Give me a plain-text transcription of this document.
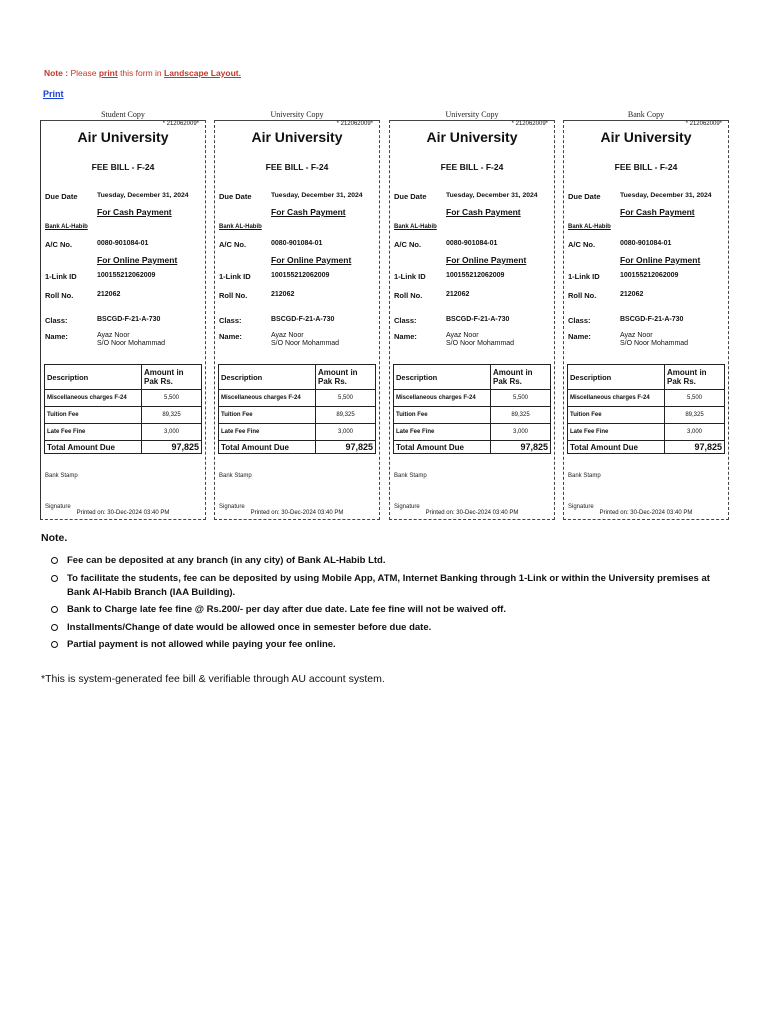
Note : Please print this form in Landscape Layout.
Print
Student Copy
* 212062009*
Air University
FEE BILL - F-24
Due Date	Tuesday, December 31, 2024
For Cash Payment
Bank AL-Habib
A/C No.	0080-901084-01
For Online Payment
1-Link ID	100155212062009
Roll No.	212062
Class:	BSCGD-F-21-A-730
Name:	Ayaz Noor
S/O Noor Mohammad
Description	Amount in Pak Rs.
Miscellaneous charges F-24	5,500
Tuition Fee	89,325
Late Fee Fine	3,000
Total Amount Due	97,825
Bank Stamp
Signature
Printed on: 30-Dec-2024 03:40 PM
University Copy
* 212062009*
Air University
FEE BILL - F-24
Due Date	Tuesday, December 31, 2024
For Cash Payment
Bank AL-Habib
A/C No.	0080-901084-01
For Online Payment
1-Link ID	100155212062009
Roll No.	212062
Class:	BSCGD-F-21-A-730
Name:	Ayaz Noor
S/O Noor Mohammad
Description	Amount in Pak Rs.
Miscellaneous charges F-24	5,500
Tuition Fee	89,325
Late Fee Fine	3,000
Total Amount Due	97,825
Bank Stamp
Signature
Printed on: 30-Dec-2024 03:40 PM
University Copy
* 212062009*
Air University
FEE BILL - F-24
Due Date	Tuesday, December 31, 2024
For Cash Payment
Bank AL-Habib
A/C No.	0080-901084-01
For Online Payment
1-Link ID	100155212062009
Roll No.	212062
Class:	BSCGD-F-21-A-730
Name:	Ayaz Noor
S/O Noor Mohammad
Description	Amount in Pak Rs.
Miscellaneous charges F-24	5,500
Tuition Fee	89,325
Late Fee Fine	3,000
Total Amount Due	97,825
Bank Stamp
Signature
Printed on: 30-Dec-2024 03:40 PM
Bank Copy
* 212062009*
Air University
FEE BILL - F-24
Due Date	Tuesday, December 31, 2024
For Cash Payment
Bank AL-Habib
A/C No.	0080-901084-01
For Online Payment
1-Link ID	100155212062009
Roll No.	212062
Class:	BSCGD-F-21-A-730
Name:	Ayaz Noor
S/O Noor Mohammad
Description	Amount in Pak Rs.
Miscellaneous charges F-24	5,500
Tuition Fee	89,325
Late Fee Fine	3,000
Total Amount Due	97,825
Bank Stamp
Signature
Printed on: 30-Dec-2024 03:40 PM
Note.
Fee can be deposited at any branch (in any city) of Bank AL-Habib Ltd.
To facilitate the students, fee can be deposited by using Mobile App, ATM, Internet Banking through 1-Link or within the University premises at Bank Al-Habib Branch (IAA Building).
Bank to Charge late fee fine @ Rs.200/- per day after due date. Late fee fine will not be waived off.
Installments/Change of date would be allowed once in semester before due date.
Partial payment is not allowed while paying your fee online.
*This is system-generated fee bill & verifiable through AU account system.
